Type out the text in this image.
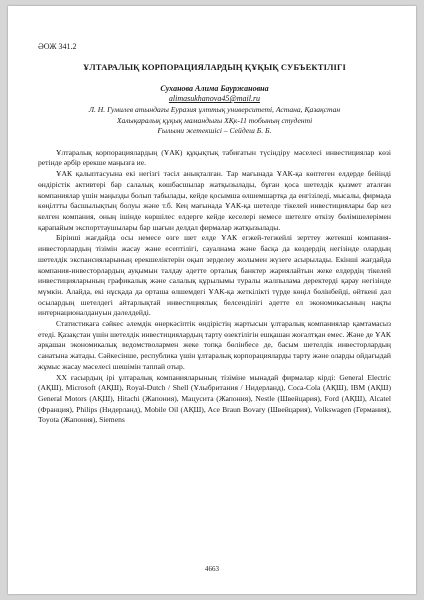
ӘОЖ 341.2

ҰЛТАРАЛЫҚ КОРПОРАЦИЯЛАРДЫҢ ҚҰҚЫҚ СУБЪЕКТІЛІГІ

Суханова Алима Бауржановна

alimasukhanova45@mail.ru

Л. Н. Гумилев атындағы Еуразия ұлттық университеті, Астана, Қазақстан

Халықаралық құқық мамандығы ХҚк-11 тобының студенті

Ғылыми жетекшісі – Сейдеш Б. Б.

Ұлтаралық корпорациялардың (ҰАК) құқықтық табиғатын түсіндіру мәселесі инвестициялар көзі ретінде әрбір ерекше маңызға ие.

ҰАК қалыптасуына екі негізгі тәсіл анықталған. Тар мағынада ҰАК-қа көптеген елдерде бейінді өндірістік активтері бар салалық көшбасшылар жатқызылады, бұған қоса шетелдік қызмет аталған компаниялар үшін маңызды болып табылады, кейде қосымша өлшемшартқа да енгізіледі, мысалы, фирмада көңілтты басшылықтың болуы және т.б. Кең мағынада ҰАК-қа шетелде тікелей инвестициялары бар кез келген компания, оның ішінде көршілес елдерге кейде кеселері немесе шетелге өткізу бөлімшелерімен қарапайым экспорттаушылары бар шағын делдал фирмалар жатқызылады.

Бірінші жағдайда осы немесе өзге шет елде ҰАК егжей-тегжейлі зерттеу жетекші компания-инвесторлардың тізімін жасау және есептілігі, сауалнама және басқа да көздердің негізінде олардың шетелдік экспансияларының ерекшеліктерін оқып зерделеу жолымен жүзеге асырылады. Екінші жағдайда компания-инвесторлардың ауқымын талдау әдетте орталық банктер жариялайтын жеке елдердің тікелей инвестицияларының графикалық және салалық құрылымы туралы жалпылама деректерді қарау негізінде мүмкін. Алайда, екі нұсқада да орташа өлшемдегі ҰАК-қа жеткілікті түрде көңіл бөлінбейді, өйткені дәл осылардың шетелдегі айтарлықтай инвестициялық белсенділігі әдетте ел экономикасының нақты интернационалдануын дәлелдейді.

Статистикаға сәйкес әлемдік өнеркәсіптік өндірістің жартысын ұлтаралық компаниялар қамтамасыз етеді. Қазақстан үшін шетелдік инвестициялардың тарту өзектілігін ешқашан жоғалтқан емес. Және де ҰАК әрқашан экономикалық ведомстволармен жеке топқа бөлінбесе де, басым шетелдік инвесторлардың санатына жатады. Сәйкесінше, республика үшін ұлтаралық корпорацияларды тарту және оларды ойдағыдай жұмыс жасау мәселесі шешімін таппай отыр.

XX ғасырдың ірі ұлтаралық компанияларының тізіміне мынадай фирмалар кірді: General Electric (АҚШ), Microsoft (АҚШ), Royal-Dutch / Shell (Ұлыбритания / Нидерланд), Coca-Cola (АҚШ), IBM (АҚШ) General Motors (АҚШ), Hitachi (Жапония), Мацусита (Жапония), Nestle (Швейцария), Ford (АҚШ), Alcatel (Франция), Philips (Нидерланд), Mobile Oil (АҚШ), Ace Braun Bovary (Швейцария), Volkswagen (Германия), Toyota (Жапония), Siemens

4663
